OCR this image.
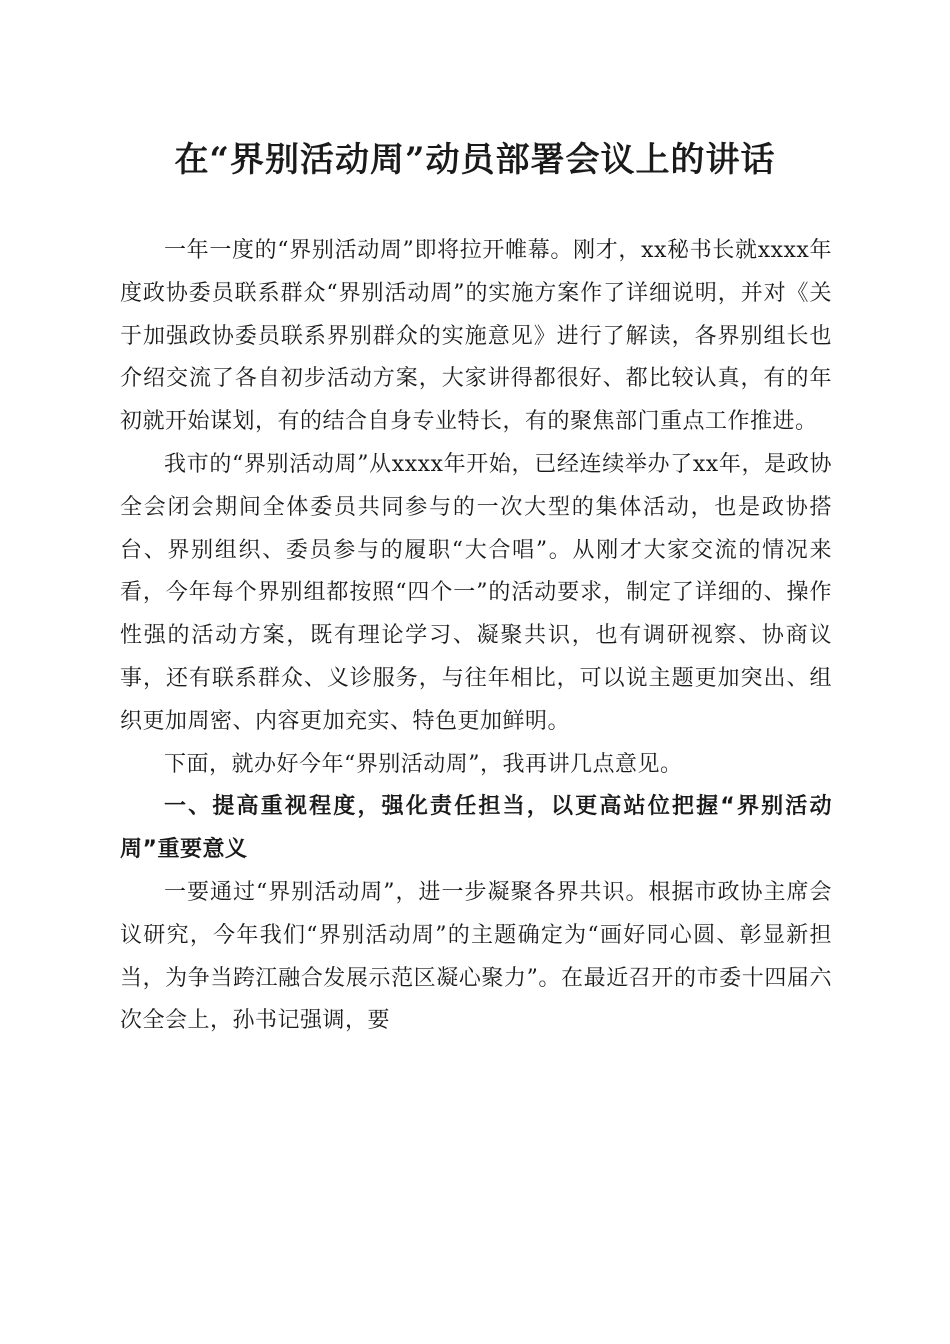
在“界别活动周”动员部署会议上的讲话

一年一度的“界别活动周”即将拉开帷幕。刚才，xx秘书长就xxxx年度政协委员联系群众“界别活动周”的实施方案作了详细说明，并对《关于加强政协委员联系界别群众的实施意见》进行了解读，各界别组长也介绍交流了各自初步活动方案，大家讲得都很好、都比较认真，有的年初就开始谋划，有的结合自身专业特长，有的聚焦部门重点工作推进。

我市的“界别活动周”从xxxx年开始，已经连续举办了xx年，是政协全会闭会期间全体委员共同参与的一次大型的集体活动，也是政协搭台、界别组织、委员参与的履职“大合唱”。从刚才大家交流的情况来看，今年每个界别组都按照“四个一”的活动要求，制定了详细的、操作性强的活动方案，既有理论学习、凝聚共识，也有调研视察、协商议事，还有联系群众、义诊服务，与往年相比，可以说主题更加突出、组织更加周密、内容更加充实、特色更加鲜明。

下面，就办好今年“界别活动周”，我再讲几点意见。

一、提高重视程度，强化责任担当，以更高站位把握“界别活动周”重要意义

一要通过“界别活动周”，进一步凝聚各界共识。根据市政协主席会议研究，今年我们“界别活动周”的主题确定为“画好同心圆、彰显新担当，为争当跨江融合发展示范区凝心聚力”。在最近召开的市委十四届六次全会上，孙书记强调，要
